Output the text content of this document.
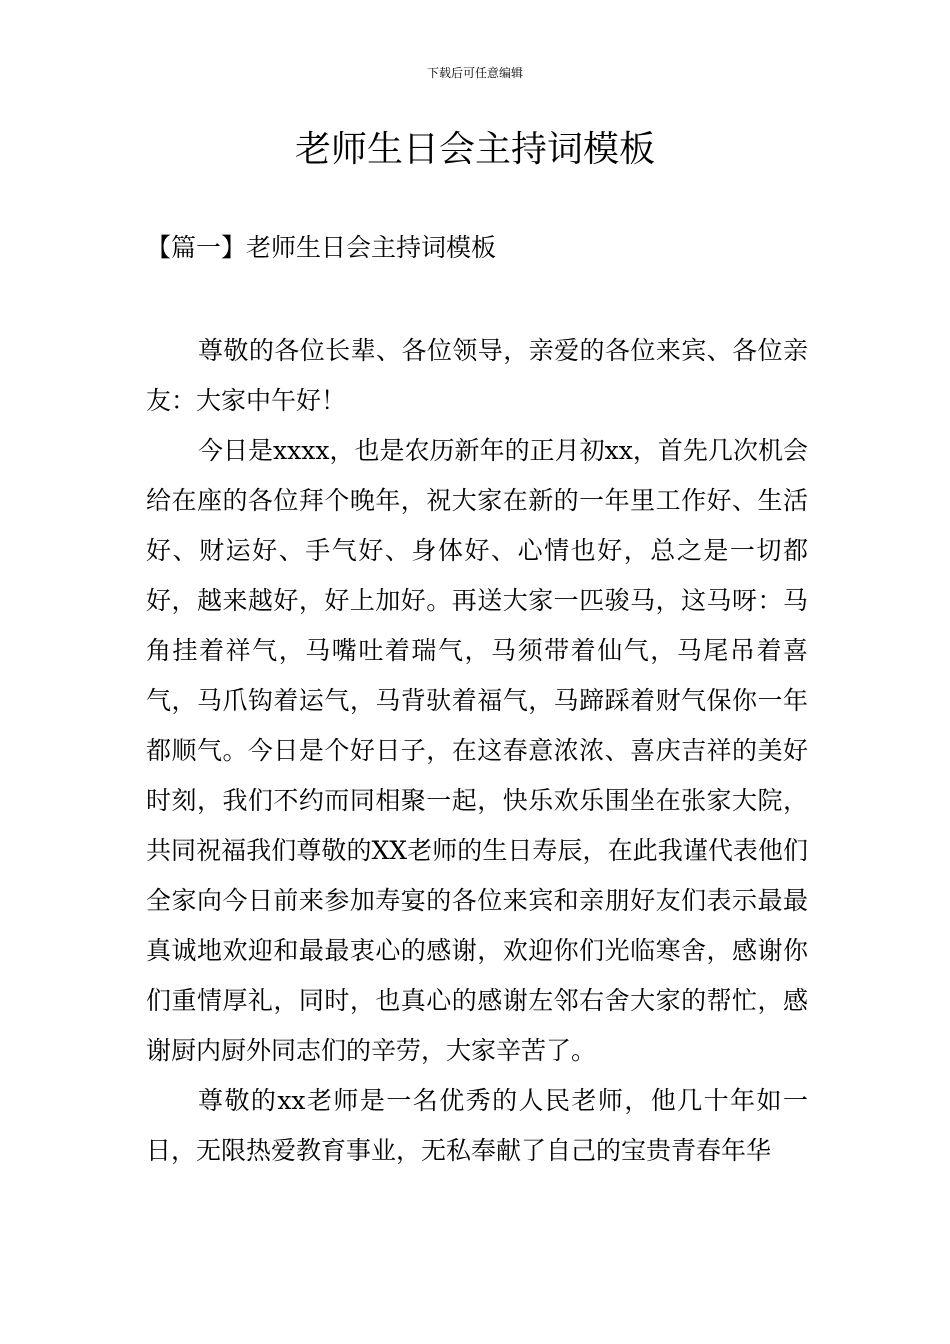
下载后可任意编辑
老师生日会主持词模板
【篇一】老师生日会主持词模板

尊敬的各位长辈、各位领导，亲爱的各位来宾、各位亲友：大家中午好！

今日是xxxx，也是农历新年的正月初xx，首先几次机会给在座的各位拜个晚年，祝大家在新的一年里工作好、生活好、财运好、手气好、身体好、心情也好，总之是一切都好，越来越好，好上加好。再送大家一匹骏马，这马呀：马角挂着祥气，马嘴吐着瑞气，马须带着仙气，马尾吊着喜气，马爪钩着运气，马背驮着福气，马蹄踩着财气保你一年都顺气。今日是个好日子，在这春意浓浓、喜庆吉祥的美好时刻，我们不约而同相聚一起，快乐欢乐围坐在张家大院，共同祝福我们尊敬的XX老师的生日寿辰，在此我谨代表他们全家向今日前来参加寿宴的各位来宾和亲朋好友们表示最最真诚地欢迎和最最衷心的感谢，欢迎你们光临寒舍，感谢你们重情厚礼，同时，也真心的感谢左邻右舍大家的帮忙，感谢厨内厨外同志们的辛劳，大家辛苦了。

尊敬的xx老师是一名优秀的人民老师，他几十年如一日，无限热爱教育事业，无私奉献了自己的宝贵青春年华
